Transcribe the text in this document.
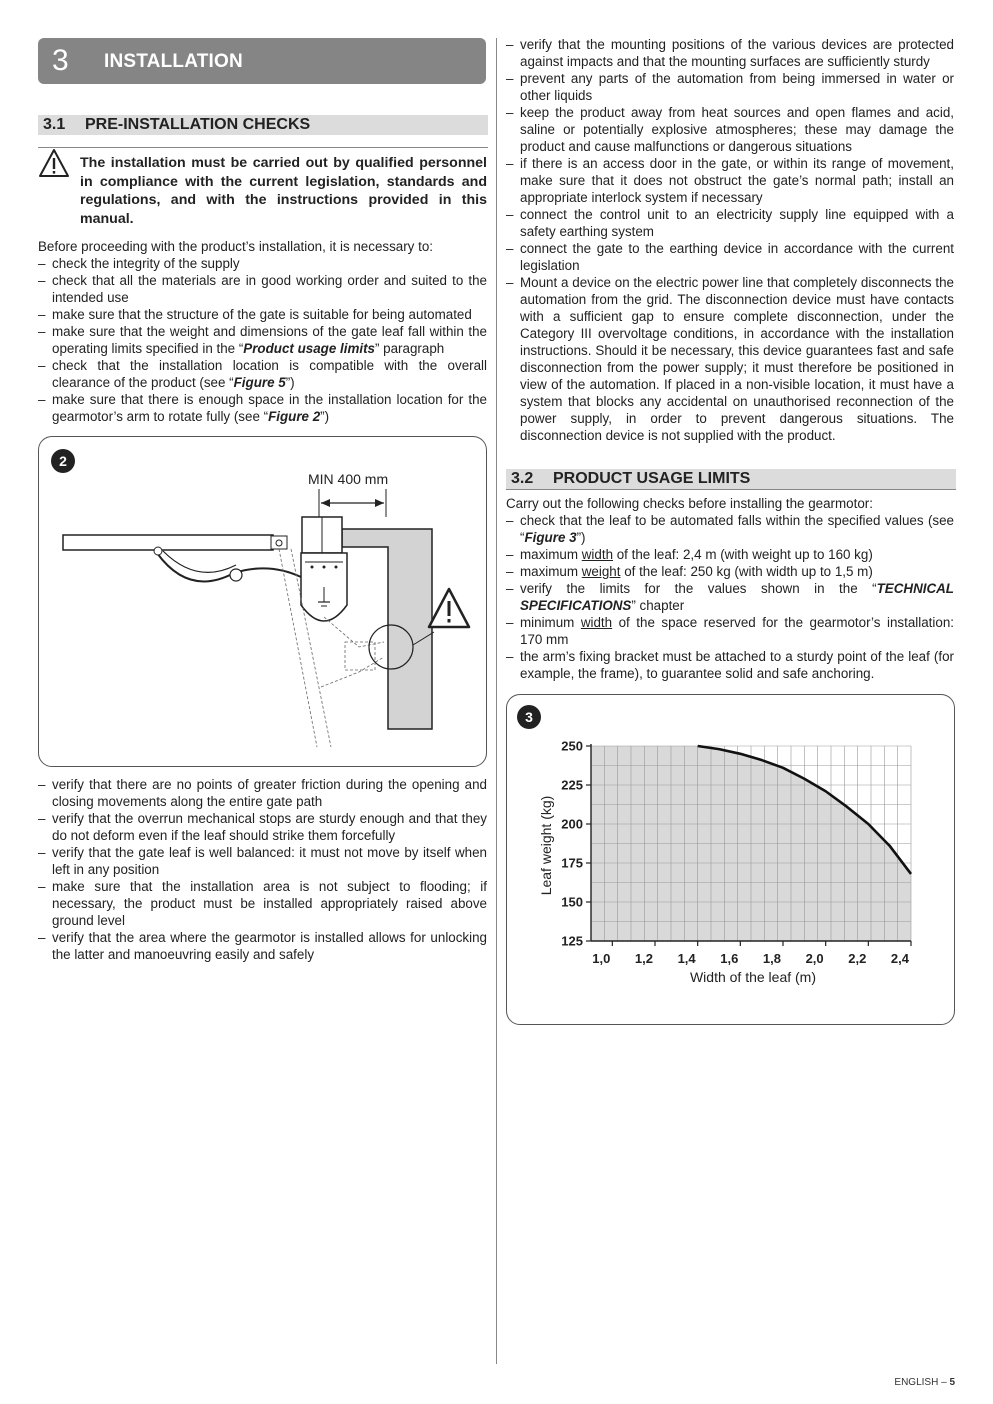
3 INSTALLATION
3.1 PRE-INSTALLATION CHECKS
The installation must be carried out by qualified personnel in compliance with the current legislation, standards and regulations, and with the instructions provided in this manual.
Before proceeding with the product’s installation, it is necessary to:
– check the integrity of the supply
– check that all the materials are in good working order and suited to the intended use
– make sure that the structure of the gate is suitable for being automated
– make sure that the weight and dimensions of the gate leaf fall within the operating limits specified in the “Product usage limits” paragraph
– check that the installation location is compatible with the overall clearance of the product (see “Figure 5”)
– make sure that there is enough space in the installation location for the gearmotor’s arm to rotate fully (see “Figure 2”)
2
MIN 400 mm
– verify that there are no points of greater friction during the opening and closing movements along the entire gate path
– verify that the overrun mechanical stops are sturdy enough and that they do not deform even if the leaf should strike them forcefully
– verify that the gate leaf is well balanced: it must not move by itself when left in any position
– make sure that the installation area is not subject to flooding; if necessary, the product must be installed appropriately raised above ground level
– verify that the area where the gearmotor is installed allows for unlocking the latter and manoeuvring easily and safely
– verify that the mounting positions of the various devices are protected against impacts and that the mounting surfaces are sufficiently sturdy
– prevent any parts of the automation from being immersed in water or other liquids
– keep the product away from heat sources and open flames and acid, saline or potentially explosive atmospheres; these may damage the product and cause malfunctions or dangerous situations
– if there is an access door in the gate, or within its range of movement, make sure that it does not obstruct the gate’s normal path; install an appropriate interlock system if necessary
– connect the control unit to an electricity supply line equipped with a safety earthing system
– connect the gate to the earthing device in accordance with the current legislation
– Mount a device on the electric power line that completely disconnects the automation from the grid. The disconnection device must have contacts with a sufficient gap to ensure complete disconnection, under the Category III overvoltage conditions, in accordance with the installation instructions. Should it be necessary, this device guarantees fast and safe disconnection from the power supply; it must therefore be positioned in view of the automation. If placed in a non-visible location, it must have a system that blocks any accidental on unauthorised reconnection of the power supply, in order to prevent dangerous situations. The disconnection device is not supplied with the product.
3.2 PRODUCT USAGE LIMITS
Carry out the following checks before installing the gearmotor:
– check that the leaf to be automated falls within the specified values (see “Figure 3”)
– maximum width of the leaf: 2,4 m (with weight up to 160 kg)
– maximum weight of the leaf: 250 kg (with width up to 1,5 m)
– verify the limits for the values shown in the “TECHNICAL SPECIFICATIONS” chapter
– minimum width of the space reserved for the gearmotor’s installation: 170 mm
– the arm’s fixing bracket must be attached to a sturdy point of the leaf (for example, the frame), to guarantee solid and safe anchoring.
3
125
150
175
200
225
250
1,0 1,2 1,4 1,6 1,8 2,0 2,2 2,4
Width of the leaf (m)
Leaf weight (kg)
ENGLISH – 5
